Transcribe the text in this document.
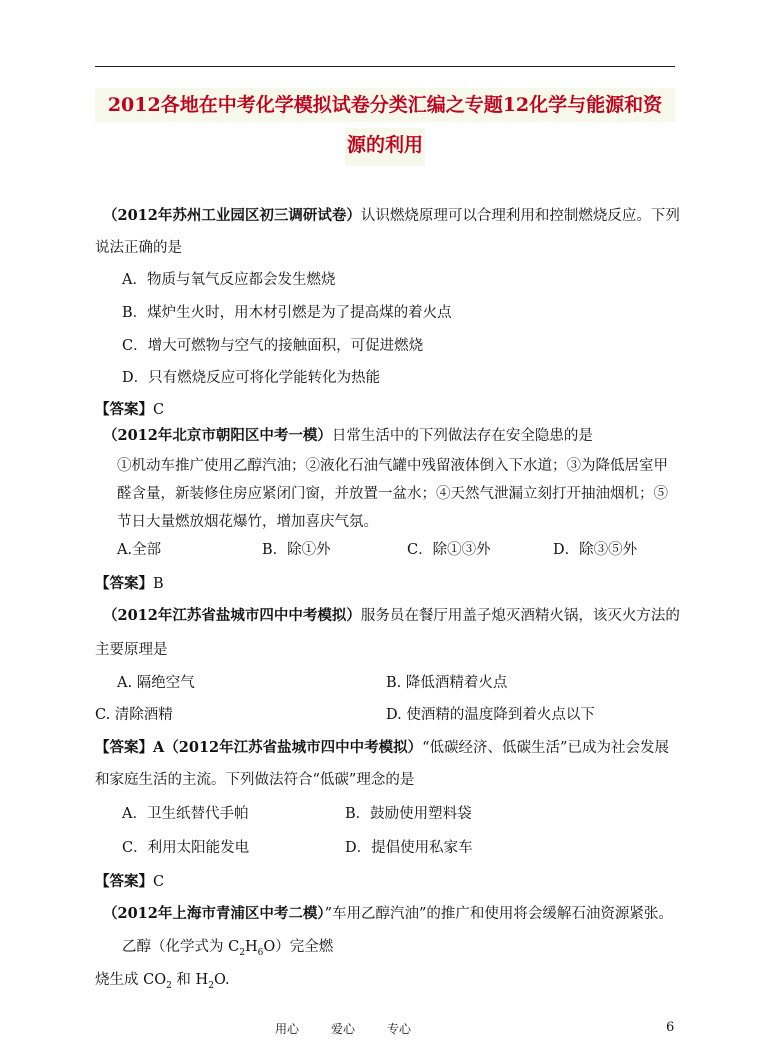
2012各地在中考化学模拟试卷分类汇编之专题12化学与能源和资
源的利用
（2012年苏州工业园区初三调研试卷）认识燃烧原理可以合理利用和控制燃烧反应。下列
说法正确的是
A．物质与氧气反应都会发生燃烧
B．煤炉生火时，用木材引燃是为了提高煤的着火点
C．增大可燃物与空气的接触面积，可促进燃烧
D．只有燃烧反应可将化学能转化为热能
【答案】C
（2012年北京市朝阳区中考一模）日常生活中的下列做法存在安全隐患的是
①机动车推广使用乙醇汽油；②液化石油气罐中残留液体倒入下水道；③为降低居室甲
醛含量，新装修住房应紧闭门窗，并放置一盆水；④天然气泄漏立刻打开抽油烟机；⑤
节日大量燃放烟花爆竹，增加喜庆气氛。
A.全部	B．除①外	C．除①③外	D．除③⑤外
【答案】B
（2012年江苏省盐城市四中中考模拟）服务员在餐厅用盖子熄灭酒精火锅，该灭火方法的
主要原理是
A. 隔绝空气	B. 降低酒精着火点
C. 清除酒精	D. 使酒精的温度降到着火点以下
【答案】A（2012年江苏省盐城市四中中考模拟）“低碳经济、低碳生活”已成为社会发展
和家庭生活的主流。下列做法符合“低碳”理念的是
A．卫生纸替代手帕	B．鼓励使用塑料袋
C．利用太阳能发电	D．提倡使用私家车
【答案】C
（2012年上海市青浦区中考二模）”车用乙醇汽油”的推广和使用将会缓解石油资源紧张。
乙醇（化学式为 $C_2H_6O$）完全燃
烧生成 $CO_2$ 和 $H_2O$.
用心	爱心	专心	6
